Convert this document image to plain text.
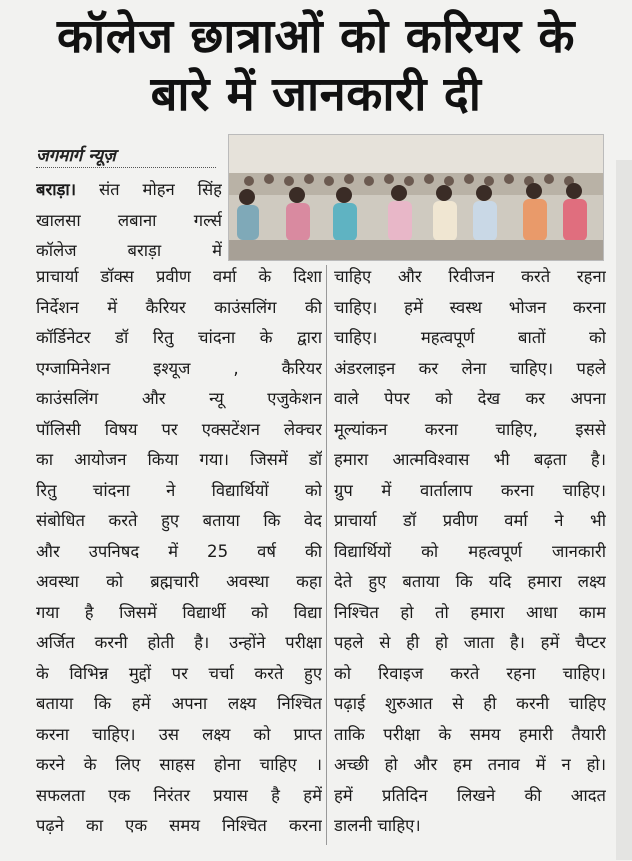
कॉलेज छात्राओं को करियर के
बारे में जानकारी दी
जगमार्ग न्यूज़
बराड़ा। संत मोहन सिंह
खालसा लबाना गर्ल्स
कॉलेज बराड़ा में
प्राचार्या डॉक्स प्रवीण वर्मा के दिशा
निर्देशन में कैरियर काउंसलिंग की
कॉर्डिनेटर डॉ रितु चांदना के द्वारा
एग्जामिनेशन इश्यूज , कैरियर
काउंसलिंग और न्यू एजुकेशन
पॉलिसी विषय पर एक्सटेंशन लेक्चर
का आयोजन किया गया। जिसमें डॉ
रितु चांदना ने विद्यार्थियों को
संबोधित करते हुए बताया कि वेद
और उपनिषद में 25 वर्ष की
अवस्था को ब्रह्मचारी अवस्था कहा
गया है जिसमें विद्यार्थी को विद्या
अर्जित करनी होती है। उन्होंने परीक्षा
के विभिन्न मुद्दों पर चर्चा करते हुए
बताया कि हमें अपना लक्ष्य निश्चित
करना चाहिए। उस लक्ष्य को प्राप्त
करने के लिए साहस होना चाहिए ।
सफलता एक निरंतर प्रयास है हमें
पढ़ने का एक समय निश्चित करना
चाहिए और रिवीजन करते रहना
चाहिए। हमें स्वस्थ भोजन करना
चाहिए। महत्वपूर्ण बातों को
अंडरलाइन कर लेना चाहिए। पहले
वाले पेपर को देख कर अपना
मूल्यांकन करना चाहिए, इससे
हमारा आत्मविश्वास भी बढ़ता है।
ग्रुप में वार्तालाप करना चाहिए।
प्राचार्या डॉ प्रवीण वर्मा ने भी
विद्यार्थियों को महत्वपूर्ण जानकारी
देते हुए बताया कि यदि हमारा लक्ष्य
निश्चित हो तो हमारा आधा काम
पहले से ही हो जाता है। हमें चैप्टर
को रिवाइज करते रहना चाहिए।
पढ़ाई शुरुआत से ही करनी चाहिए
ताकि परीक्षा के समय हमारी तैयारी
अच्छी हो और हम तनाव में न हो।
हमें प्रतिदिन लिखने की आदत
डालनी चाहिए।
